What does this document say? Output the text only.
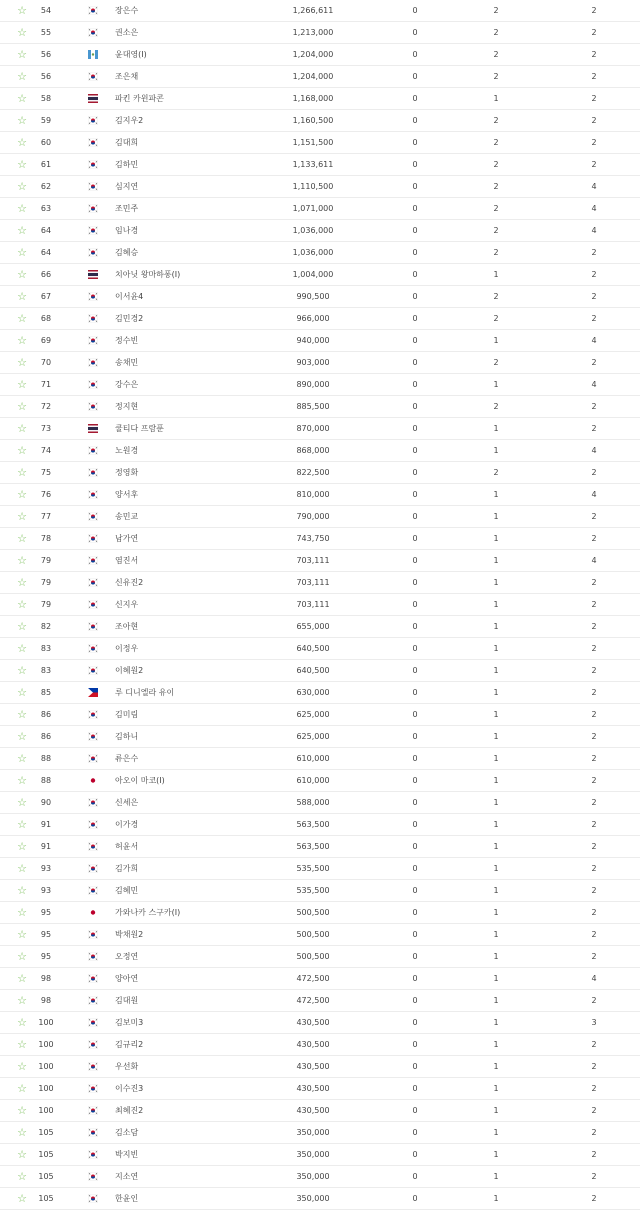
☆	54	장은수	1,266,611	0	2	2
☆	55	권소은	1,213,000	0	2	2
☆	56	윤대영(I)	1,204,000	0	2	2
☆	56	조은채	1,204,000	0	2	2
☆	58	파킨 카윈파콘	1,168,000	0	1	2
☆	59	김지우2	1,160,500	0	2	2
☆	60	김대희	1,151,500	0	2	2
☆	61	김하민	1,133,611	0	2	2
☆	62	심지연	1,110,500	0	2	4
☆	63	조민주	1,071,000	0	2	4
☆	64	임나경	1,036,000	0	2	4
☆	64	김혜승	1,036,000	0	2	2
☆	66	치아닛 왕마하퐁(I)	1,004,000	0	1	2
☆	67	이서윤4	990,500	0	2	2
☆	68	김민경2	966,000	0	2	2
☆	69	정수빈	940,000	0	1	4
☆	70	송채민	903,000	0	2	2
☆	71	강수은	890,000	0	1	4
☆	72	정지현	885,500	0	2	2
☆	73	쿨티다 프람푼	870,000	0	1	2
☆	74	노원경	868,000	0	1	4
☆	75	정영화	822,500	0	2	2
☆	76	양서후	810,000	0	1	4
☆	77	송민교	790,000	0	1	2
☆	78	남가연	743,750	0	1	2
☆	79	염진서	703,111	0	1	4
☆	79	신유진2	703,111	0	1	2
☆	79	신지우	703,111	0	1	2
☆	82	조아현	655,000	0	1	2
☆	83	이정우	640,500	0	1	2
☆	83	이혜원2	640,500	0	1	2
☆	85	루 디니엘라 유이	630,000	0	1	2
☆	86	김미림	625,000	0	1	2
☆	86	김하니	625,000	0	1	2
☆	88	류은수	610,000	0	1	2
☆	88	아오이 마코(I)	610,000	0	1	2
☆	90	신세은	588,000	0	1	2
☆	91	이가경	563,500	0	1	2
☆	91	허윤서	563,500	0	1	2
☆	93	김가희	535,500	0	1	2
☆	93	김혜민	535,500	0	1	2
☆	95	가와나카 스구카(I)	500,500	0	1	2
☆	95	박채원2	500,500	0	1	2
☆	95	오정연	500,500	0	1	2
☆	98	양아연	472,500	0	1	4
☆	98	김대원	472,500	0	1	2
☆	100	김보미3	430,500	0	1	3
☆	100	김규리2	430,500	0	1	2
☆	100	우선화	430,500	0	1	2
☆	100	이수진3	430,500	0	1	2
☆	100	최혜진2	430,500	0	1	2
☆	105	김소담	350,000	0	1	2
☆	105	박지빈	350,000	0	1	2
☆	105	지소연	350,000	0	1	2
☆	105	한윤인	350,000	0	1	2
